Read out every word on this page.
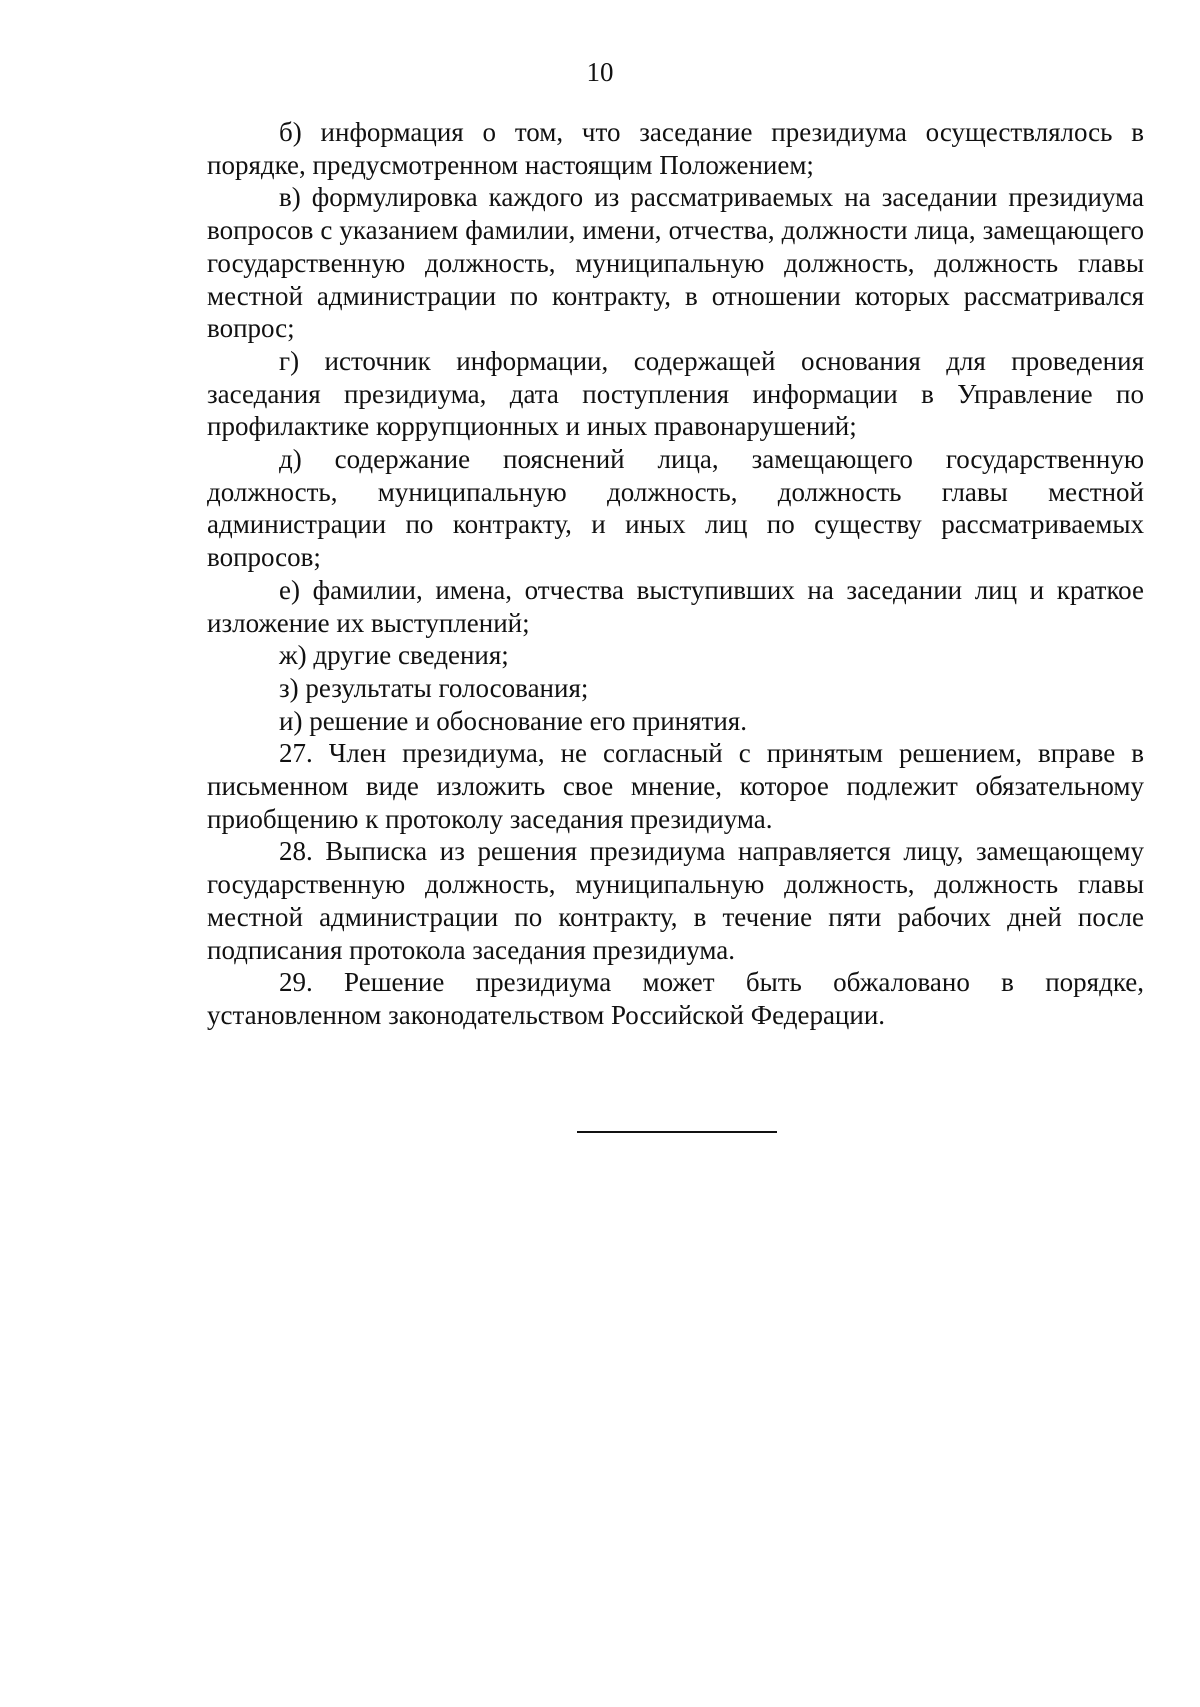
10

б) информация о том, что заседание президиума осуществлялось в порядке, предусмотренном настоящим Положением;

в) формулировка каждого из рассматриваемых на заседании президиума вопросов с указанием фамилии, имени, отчества, должности лица, замещающего государственную должность, муниципальную должность, должность главы местной администрации по контракту, в отношении которых рассматривался вопрос;

г) источник информации, содержащей основания для проведения заседания президиума, дата поступления информации в Управление по профилактике коррупционных и иных правонарушений;

д) содержание пояснений лица, замещающего государственную должность, муниципальную должность, должность главы местной администрации по контракту, и иных лиц по существу рассматриваемых вопросов;

е) фамилии, имена, отчества выступивших на заседании лиц и краткое изложение их выступлений;

ж) другие сведения;

з) результаты голосования;

и) решение и обоснование его принятия.

27. Член президиума, не согласный с принятым решением, вправе в письменном виде изложить свое мнение, которое подлежит обязательному приобщению к протоколу заседания президиума.

28. Выписка из решения президиума направляется лицу, замещающему государственную должность, муниципальную должность, должность главы местной администрации по контракту, в течение пяти рабочих дней после подписания протокола заседания президиума.

29. Решение президиума может быть обжаловано в порядке, установленном законодательством Российской Федерации.
